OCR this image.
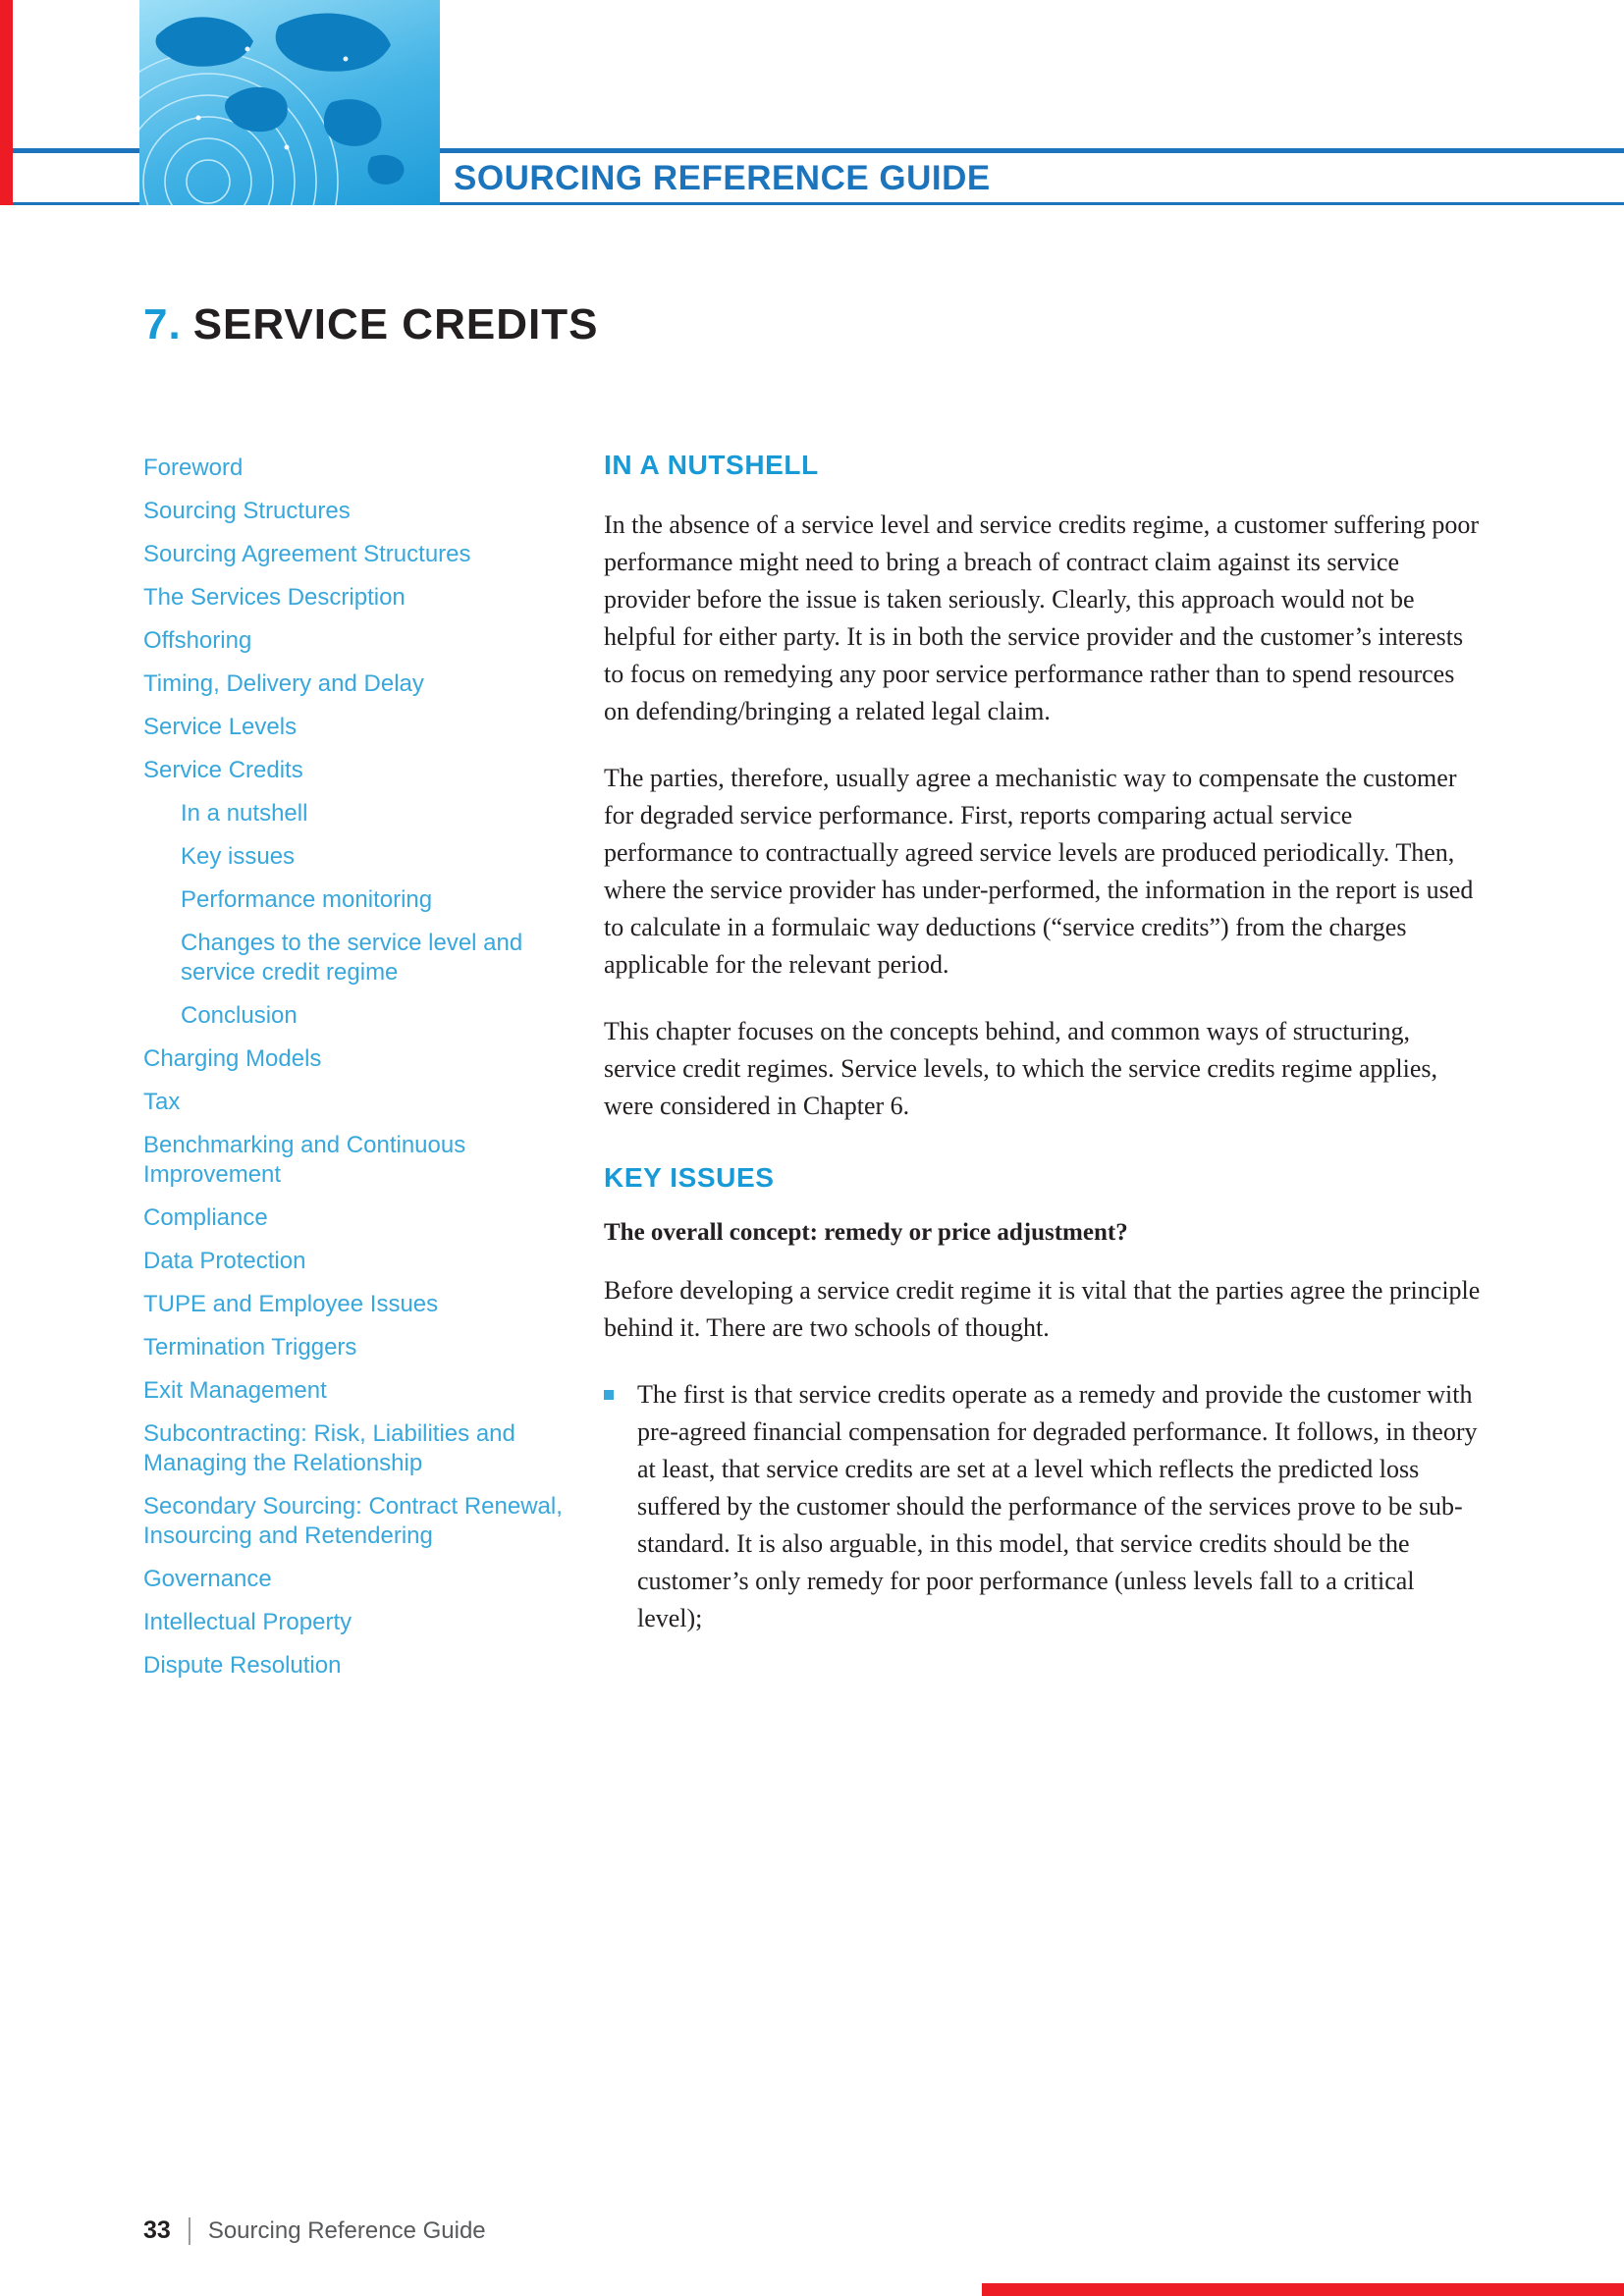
SOURCING REFERENCE GUIDE
7. SERVICE CREDITS
Foreword
Sourcing Structures
Sourcing Agreement Structures
The Services Description
Offshoring
Timing, Delivery and Delay
Service Levels
Service Credits
In a nutshell
Key issues
Performance monitoring
Changes to the service level and service credit regime
Conclusion
Charging Models
Tax
Benchmarking and Continuous Improvement
Compliance
Data Protection
TUPE and Employee Issues
Termination Triggers
Exit Management
Subcontracting: Risk, Liabilities and Managing the Relationship
Secondary Sourcing: Contract Renewal, Insourcing and Retendering
Governance
Intellectual Property
Dispute Resolution
IN A NUTSHELL

In the absence of a service level and service credits regime, a customer suffering poor performance might need to bring a breach of contract claim against its service provider before the issue is taken seriously. Clearly, this approach would not be helpful for either party. It is in both the service provider and the customer’s interests to focus on remedying any poor service performance rather than to spend resources on defending/bringing a related legal claim.

The parties, therefore, usually agree a mechanistic way to compensate the customer for degraded service performance. First, reports comparing actual service performance to contractually agreed service levels are produced periodically. Then, where the service provider has under-performed, the information in the report is used to calculate in a formulaic way deductions (“service credits”) from the charges applicable for the relevant period.

This chapter focuses on the concepts behind, and common ways of structuring, service credit regimes. Service levels, to which the service credits regime applies, were considered in Chapter 6.

KEY ISSUES

The overall concept: remedy or price adjustment?

Before developing a service credit regime it is vital that the parties agree the principle behind it. There are two schools of thought.

The first is that service credits operate as a remedy and provide the customer with pre-agreed financial compensation for degraded performance. It follows, in theory at least, that service credits are set at a level which reflects the predicted loss suffered by the customer should the performance of the services prove to be sub-standard. It is also arguable, in this model, that service credits should be the customer’s only remedy for poor performance (unless levels fall to a critical level);
33 Sourcing Reference Guide
